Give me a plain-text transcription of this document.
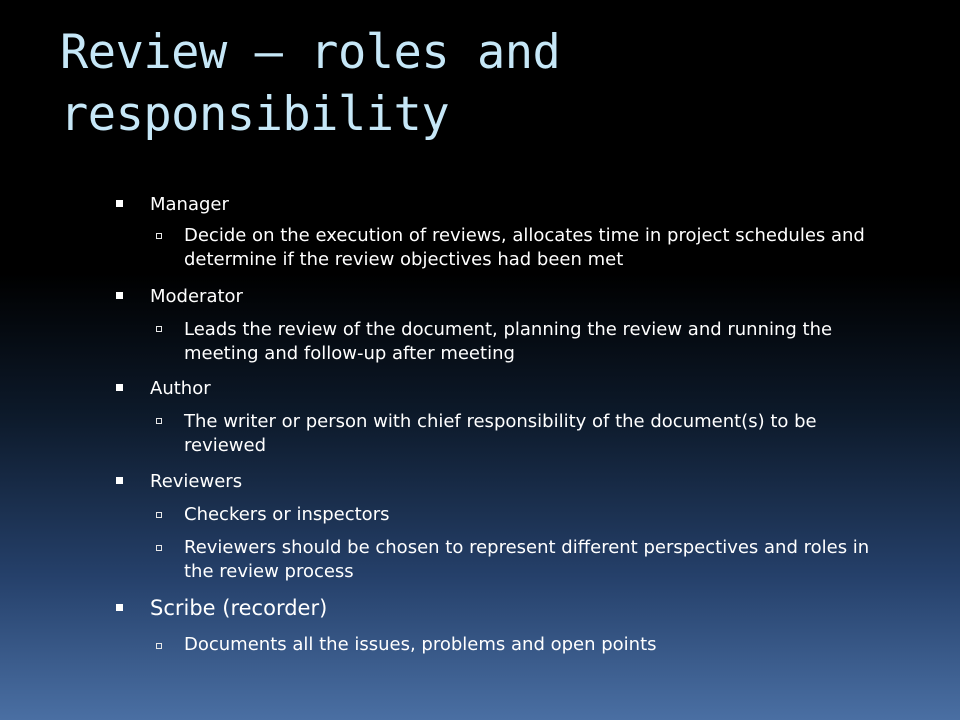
Review – roles and responsibility
Manager
Decide on the execution of reviews, allocates time in project schedules and determine if the review objectives had been met
Moderator
Leads the review of the document, planning the review and running the meeting and follow-up after meeting
Author
The writer or person with chief responsibility of the document(s) to be reviewed
Reviewers
Checkers or inspectors
Reviewers should be chosen to represent different perspectives and roles in the review process
Scribe (recorder)
Documents all the issues, problems and open points
